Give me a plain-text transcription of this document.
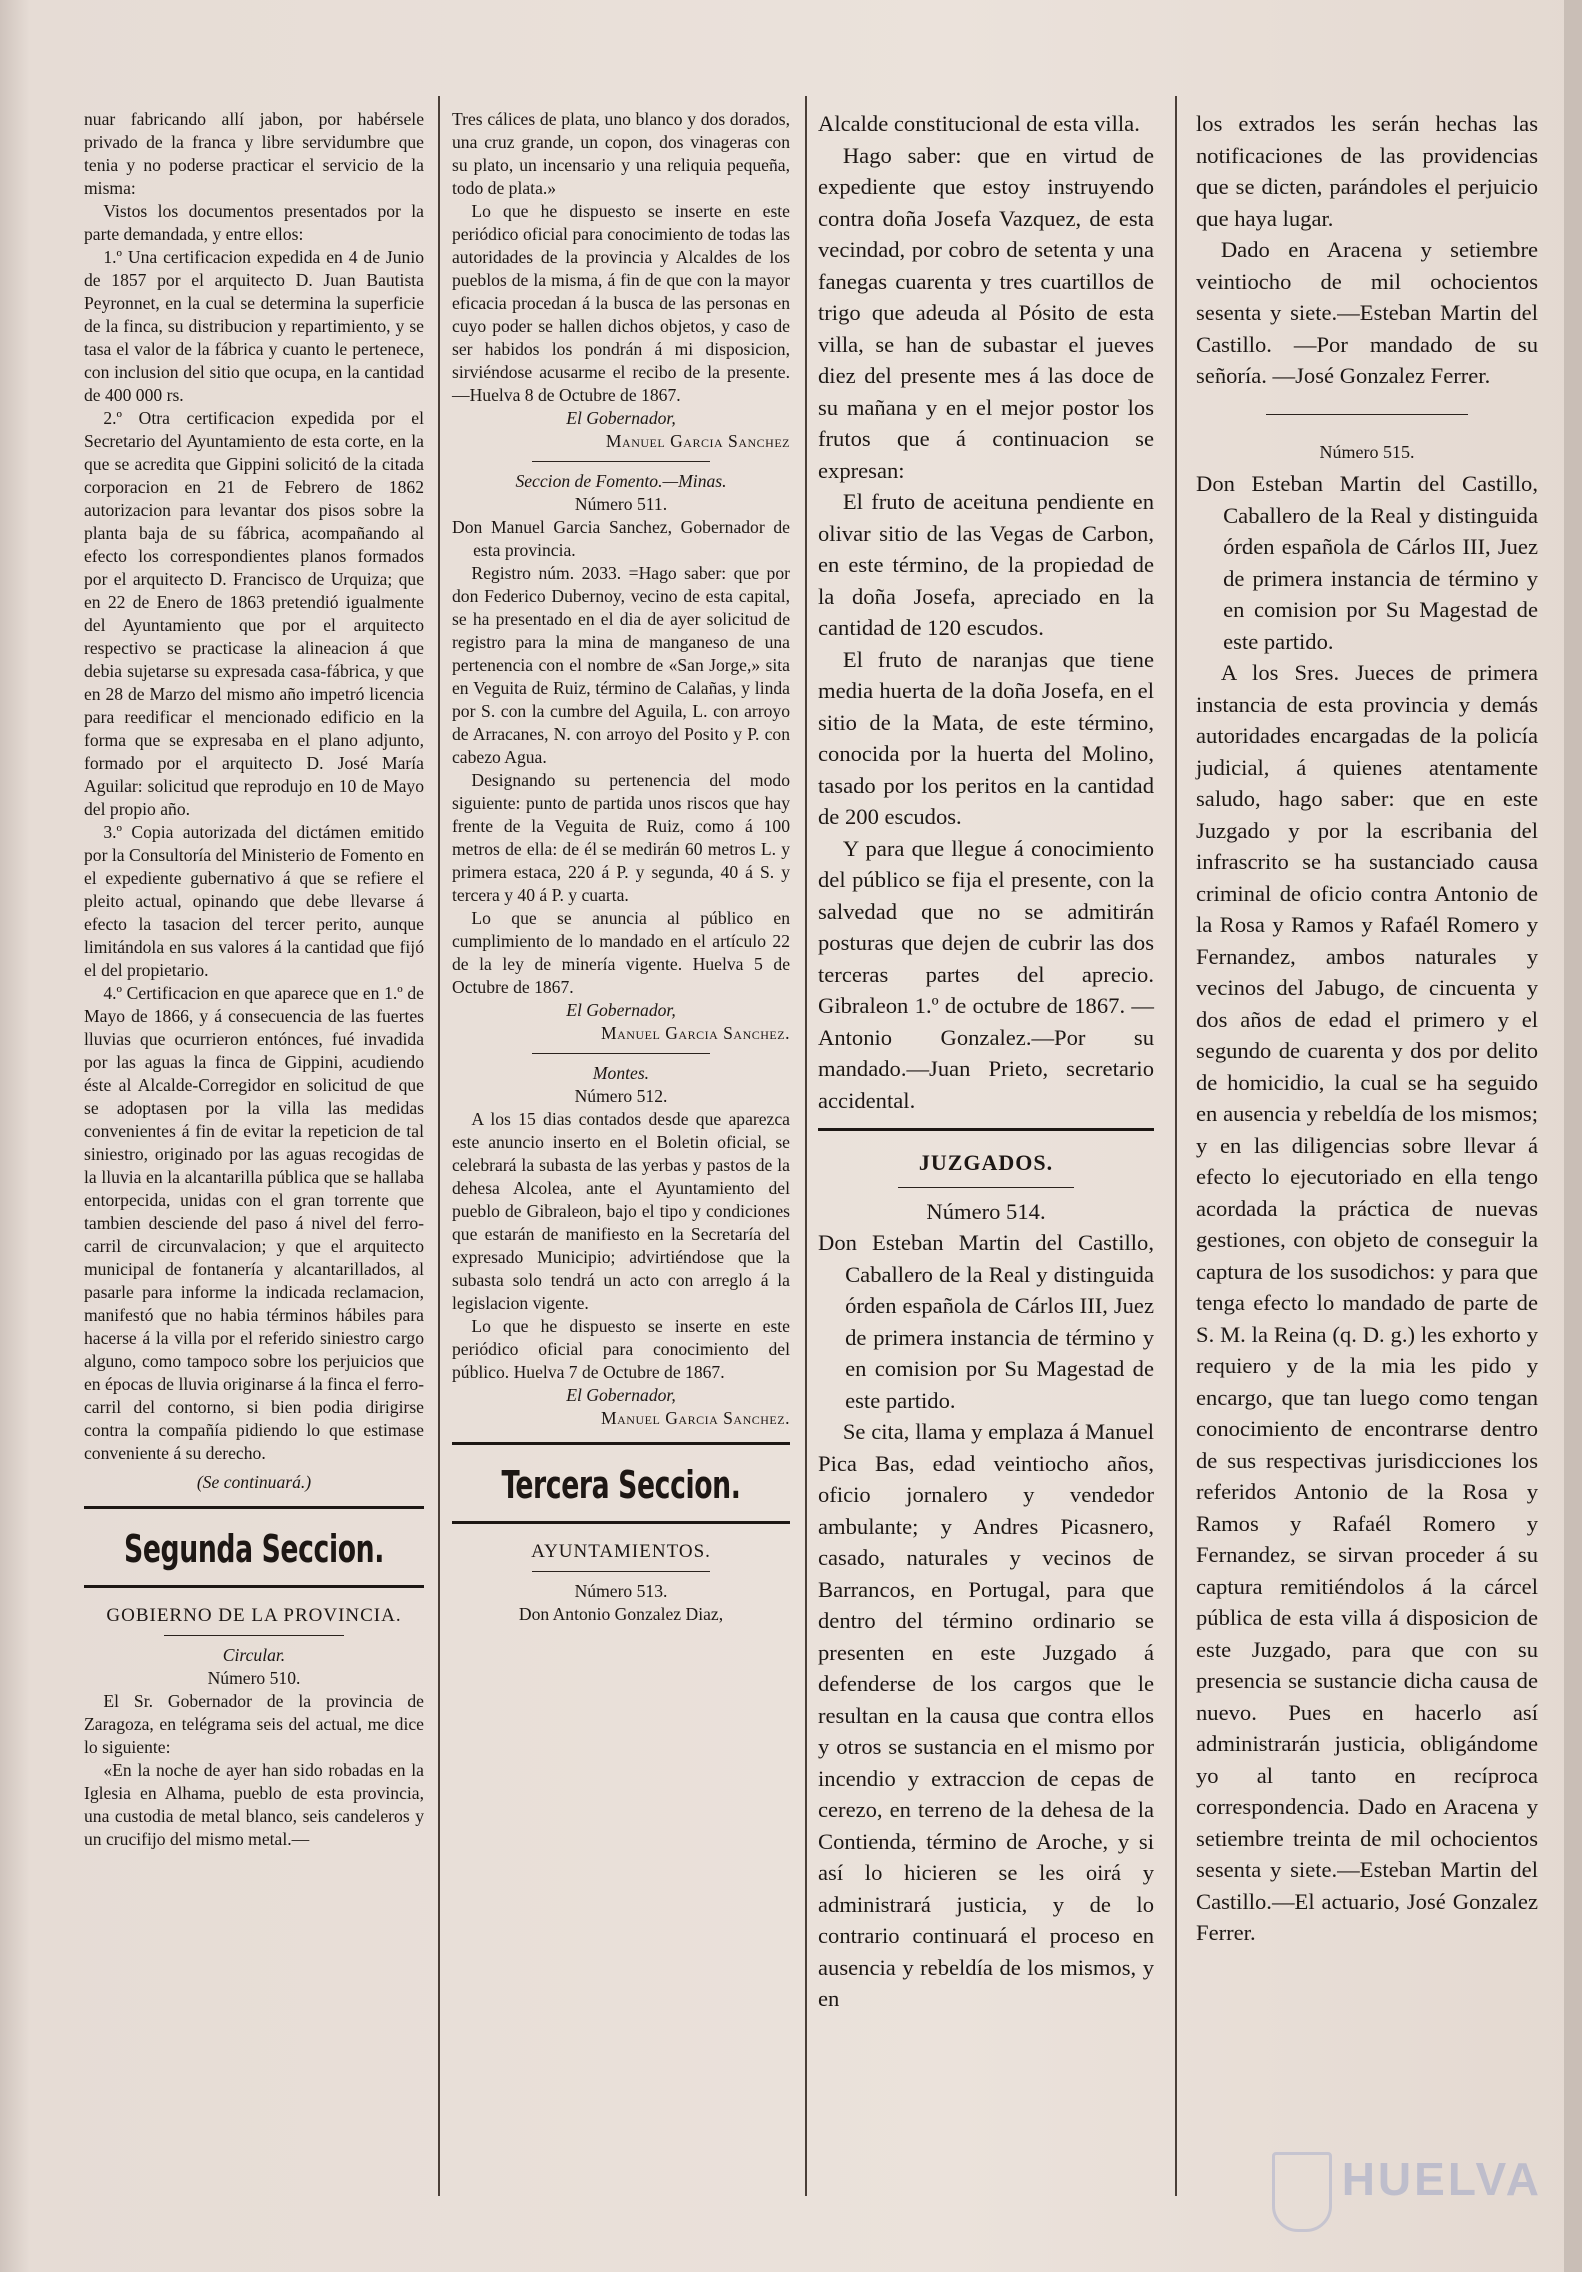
nuar fabricando allí jabon, por habérsele privado de la franca y libre servidumbre que tenia y no poderse practicar el servicio de la misma:

Vistos los documentos presentados por la parte demandada, y entre ellos:

1.º Una certificacion expedida en 4 de Junio de 1857 por el arquitecto D. Juan Bautista Peyronnet, en la cual se determina la superficie de la finca, su distribucion y repartimiento, y se tasa el valor de la fábrica y cuanto le pertenece, con inclusion del sitio que ocupa, en la cantidad de 400 000 rs.

2.º Otra certificacion expedida por el Secretario del Ayuntamiento de esta corte, en la que se acredita que Gippini solicitó de la citada corporacion en 21 de Febrero de 1862 autorizacion para levantar dos pisos sobre la planta baja de su fábrica, acompañando al efecto los correspondientes planos formados por el arquitecto D. Francisco de Urquiza; que en 22 de Enero de 1863 pretendió igualmente del Ayuntamiento que por el arquitecto respectivo se practicase la alineacion á que debia sujetarse su expresada casa-fábrica, y que en 28 de Marzo del mismo año impetró licencia para reedificar el mencionado edificio en la forma que se expresaba en el plano adjunto, formado por el arquitecto D. José María Aguilar: solicitud que reprodujo en 10 de Mayo del propio año.

3.º Copia autorizada del dictámen emitido por la Consultoría del Ministerio de Fomento en el expediente gubernativo á que se refiere el pleito actual, opinando que debe llevarse á efecto la tasacion del tercer perito, aunque limitándola en sus valores á la cantidad que fijó el del propietario.

4.º Certificacion en que aparece que en 1.º de Mayo de 1866, y á consecuencia de las fuertes lluvias que ocurrieron entónces, fué invadida por las aguas la finca de Gippini, acudiendo éste al Alcalde-Corregidor en solicitud de que se adoptasen por la villa las medidas convenientes á fin de evitar la repeticion de tal siniestro, originado por las aguas recogidas de la lluvia en la alcantarilla pública que se hallaba entorpecida, unidas con el gran torrente que tambien desciende del paso á nivel del ferro-carril de circunvalacion; y que el arquitecto municipal de fontanería y alcantarillados, al pasarle para informe la indicada reclamacion, manifestó que no habia términos hábiles para hacerse á la villa por el referido siniestro cargo alguno, como tampoco sobre los perjuicios que en épocas de lluvia originarse á la finca el ferro-carril del contorno, si bien podia dirigirse contra la compañía pidiendo lo que estimase conveniente á su derecho.

(Se continuará.)

Segunda Seccion.

GOBIERNO DE LA PROVINCIA.

Circular.

Número 510.

El Sr. Gobernador de la provincia de Zaragoza, en telégrama seis del actual, me dice lo siguiente:

«En la noche de ayer han sido robadas en la Iglesia en Alhama, pueblo de esta provincia, una custodia de metal blanco, seis candeleros y un crucifijo del mismo metal.—

Tres cálices de plata, uno blanco y dos dorados, una cruz grande, un copon, dos vinageras con su plato, un incensario y una reliquia pequeña, todo de plata.»

Lo que he dispuesto se inserte en este periódico oficial para conocimiento de todas las autoridades de la provincia y Alcaldes de los pueblos de la misma, á fin de que con la mayor eficacia procedan á la busca de las personas en cuyo poder se hallen dichos objetos, y caso de ser habidos los pondrán á mi disposicion, sirviéndose acusarme el recibo de la presente. —Huelva 8 de Octubre de 1867.

El Gobernador,

Manuel Garcia Sanchez

Seccion de Fomento.—Minas.

Número 511.

Don Manuel Garcia Sanchez, Gobernador de esta provincia.

Registro núm. 2033. =Hago saber: que por don Federico Dubernoy, vecino de esta capital, se ha presentado en el dia de ayer solicitud de registro para la mina de manganeso de una pertenencia con el nombre de «San Jorge,» sita en Veguita de Ruiz, término de Calañas, y linda por S. con la cumbre del Aguila, L. con arroyo de Arracanes, N. con arroyo del Posito y P. con cabezo Agua.

Designando su pertenencia del modo siguiente: punto de partida unos riscos que hay frente de la Veguita de Ruiz, como á 100 metros de ella: de él se medirán 60 metros L. y primera estaca, 220 á P. y segunda, 40 á S. y tercera y 40 á P. y cuarta.

Lo que se anuncia al público en cumplimiento de lo mandado en el artículo 22 de la ley de minería vigente. Huelva 5 de Octubre de 1867.

El Gobernador,

Manuel Garcia Sanchez.

Montes.

Número 512.

A los 15 dias contados desde que aparezca este anuncio inserto en el Boletin oficial, se celebrará la subasta de las yerbas y pastos de la dehesa Alcolea, ante el Ayuntamiento del pueblo de Gibraleon, bajo el tipo y condiciones que estarán de manifiesto en la Secretaría del expresado Municipio; advirtiéndose que la subasta solo tendrá un acto con arreglo á la legislacion vigente.

Lo que he dispuesto se inserte en este periódico oficial para conocimiento del público. Huelva 7 de Octubre de 1867.

El Gobernador,

Manuel Garcia Sanchez.

Tercera Seccion.

AYUNTAMIENTOS.

Número 513.

Don Antonio Gonzalez Diaz,

Alcalde constitucional de esta villa.

Hago saber: que en virtud de expediente que estoy instruyendo contra doña Josefa Vazquez, de esta vecindad, por cobro de setenta y una fanegas cuarenta y tres cuartillos de trigo que adeuda al Pósito de esta villa, se han de subastar el jueves diez del presente mes á las doce de su mañana y en el mejor postor los frutos que á continuacion se expresan:

El fruto de aceituna pendiente en olivar sitio de las Vegas de Carbon, en este término, de la propiedad de la doña Josefa, apreciado en la cantidad de 120 escudos.

El fruto de naranjas que tiene media huerta de la doña Josefa, en el sitio de la Mata, de este término, conocida por la huerta del Molino, tasado por los peritos en la cantidad de 200 escudos.

Y para que llegue á conocimiento del público se fija el presente, con la salvedad que no se admitirán posturas que dejen de cubrir las dos terceras partes del aprecio. Gibraleon 1.º de octubre de 1867. —Antonio Gonzalez.—Por su mandado.—Juan Prieto, secretario accidental.

JUZGADOS.

Número 514.

Don Esteban Martin del Castillo, Caballero de la Real y distinguida órden española de Cárlos III, Juez de primera instancia de término y en comision por Su Magestad de este partido.

Se cita, llama y emplaza á Manuel Pica Bas, edad veintiocho años, oficio jornalero y vendedor ambulante; y Andres Picasnero, casado, naturales y vecinos de Barrancos, en Portugal, para que dentro del término ordinario se presenten en este Juzgado á defenderse de los cargos que le resultan en la causa que contra ellos y otros se sustancia en el mismo por incendio y extraccion de cepas de cerezo, en terreno de la dehesa de la Contienda, término de Aroche, y si así lo hicieren se les oirá y administrará justicia, y de lo contrario continuará el proceso en ausencia y rebeldía de los mismos, y en

los extrados les serán hechas las notificaciones de las providencias que se dicten, parándoles el perjuicio que haya lugar.

Dado en Aracena y setiembre veintiocho de mil ochocientos sesenta y siete.—Esteban Martin del Castillo. —Por mandado de su señoría. —José Gonzalez Ferrer.

Número 515.

Don Esteban Martin del Castillo, Caballero de la Real y distinguida órden española de Cárlos III, Juez de primera instancia de término y en comision por Su Magestad de este partido.

A los Sres. Jueces de primera instancia de esta provincia y demás autoridades encargadas de la policía judicial, á quienes atentamente saludo, hago saber: que en este Juzgado y por la escribania del infrascrito se ha sustanciado causa criminal de oficio contra Antonio de la Rosa y Ramos y Rafaél Romero y Fernandez, ambos naturales y vecinos del Jabugo, de cincuenta y dos años de edad el primero y el segundo de cuarenta y dos por delito de homicidio, la cual se ha seguido en ausencia y rebeldía de los mismos; y en las diligencias sobre llevar á efecto lo ejecutoriado en ella tengo acordada la práctica de nuevas gestiones, con objeto de conseguir la captura de los susodichos: y para que tenga efecto lo mandado de parte de S. M. la Reina (q. D. g.) les exhorto y requiero y de la mia les pido y encargo, que tan luego como tengan conocimiento de encontrarse dentro de sus respectivas jurisdicciones los referidos Antonio de la Rosa y Ramos y Rafaél Romero y Fernandez, se sirvan proceder á su captura remitiéndolos á la cárcel pública de esta villa á disposicion de este Juzgado, para que con su presencia se sustancie dicha causa de nuevo. Pues en hacerlo así administrarán justicia, obligándome yo al tanto en recíproca correspondencia. Dado en Aracena y setiembre treinta de mil ochocientos sesenta y siete.—Esteban Martin del Castillo.—El actuario, José Gonzalez Ferrer.

HUELVA
